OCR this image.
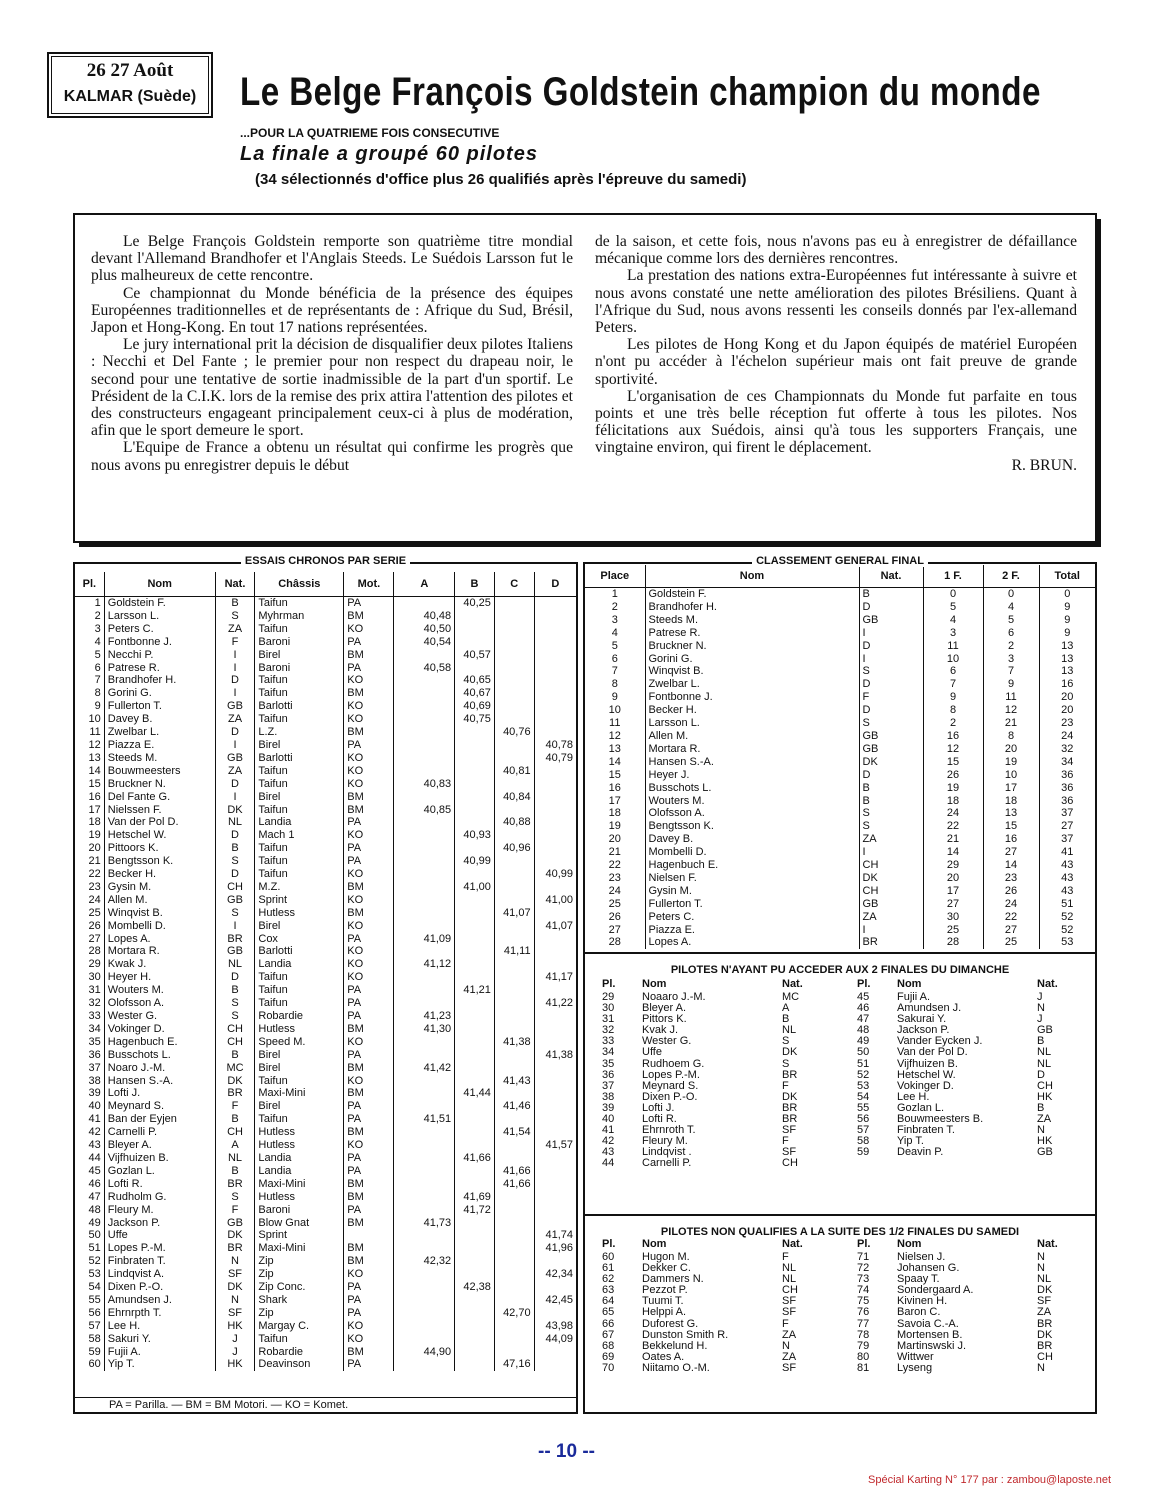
26 27 Août
KALMAR (Suède) Le Belge François Goldstein champion du monde
...POUR LA QUATRIEME FOIS CONSECUTIVE
La finale a groupé 60 pilotes
(34 sélectionnés d'office plus 26 qualifiés après l'épreuve du samedi)

Le Belge François Goldstein remporte son quatrième titre mondial devant l'Allemand Brandhofer et l'Anglais Steeds. Le Suédois Larsson fut le plus malheureux de cette rencontre.

Ce championnat du Monde bénéficia de la présence des équipes Européennes traditionnelles et de représentants de : Afrique du Sud, Brésil, Japon et Hong-Kong. En tout 17 nations représentées.

Le jury international prit la décision de disqualifier deux pilotes Italiens : Necchi et Del Fante ; le premier pour non respect du drapeau noir, le second pour une tentative de sortie inadmissible de la part d'un sportif. Le Président de la C.I.K. lors de la remise des prix attira l'attention des pilotes et des constructeurs engageant principalement ceux-ci à plus de modération, afin que le sport demeure le sport.

L'Equipe de France a obtenu un résultat qui confirme les progrès que nous avons pu enregistrer depuis le début

de la saison, et cette fois, nous n'avons pas eu à enregistrer de défaillance mécanique comme lors des dernières rencontres.

La prestation des nations extra-Européennes fut intéressante à suivre et nous avons constaté une nette amélioration des pilotes Brésiliens. Quant à l'Afrique du Sud, nous avons ressenti les conseils donnés par l'ex-allemand Peters.

Les pilotes de Hong Kong et du Japon équipés de matériel Européen n'ont pu accéder à l'échelon supérieur mais ont fait preuve de grande sportivité.

L'organisation de ces Championnats du Monde fut parfaite en tous points et une très belle réception fut offerte à tous les pilotes. Nos félicitations aux Suédois, ainsi qu'à tous les supporters Français, une vingtaine environ, qui firent le déplacement.

R. BRUN.

ESSAIS CHRONOS PAR SERIE
Pl.	Nom	Nat.	Châssis	Mot.	A	B	C	D
1	Goldstein F.	B	Taifun	PA		40,25		
2	Larsson L.	S	Myhrman	BM	40,48			
3	Peters C.	ZA	Taifun	KO	40,50			
4	Fontbonne J.	F	Baroni	PA	40,54			
5	Necchi P.	I	Birel	BM		40,57		
6	Patrese R.	I	Baroni	PA	40,58			
7	Brandhofer H.	D	Taifun	KO		40,65		
8	Gorini G.	I	Taifun	BM		40,67		
9	Fullerton T.	GB	Barlotti	KO		40,69		
10	Davey B.	ZA	Taifun	KO		40,75		
11	Zwelbar L.	D	L.Z.	BM			40,76	
12	Piazza E.	I	Birel	PA				40,78
13	Steeds M.	GB	Barlotti	KO				40,79
14	Bouwmeesters	ZA	Taifun	KO			40,81	
15	Bruckner N.	D	Taifun	KO	40,83			
16	Del Fante G.	I	Birel	BM			40,84	
17	Nielssen F.	DK	Taifun	BM	40,85			
18	Van der Pol D.	NL	Landia	PA			40,88	
19	Hetschel W.	D	Mach 1	KO		40,93		
20	Pittoors K.	B	Taifun	PA			40,96	
21	Bengtsson K.	S	Taifun	PA		40,99		
22	Becker H.	D	Taifun	KO				40,99
23	Gysin M.	CH	M.Z.	BM		41,00		
24	Allen M.	GB	Sprint	KO				41,00
25	Winqvist B.	S	Hutless	BM			41,07	
26	Mombelli D.	I	Birel	KO				41,07
27	Lopes A.	BR	Cox	PA	41,09			
28	Mortara R.	GB	Barlotti	KO			41,11	
29	Kwak J.	NL	Landia	KO	41,12			
30	Heyer H.	D	Taifun	KO				41,17
31	Wouters M.	B	Taifun	PA		41,21		
32	Olofsson A.	S	Taifun	PA				41,22
33	Wester G.	S	Robardie	PA	41,23			
34	Vokinger D.	CH	Hutless	BM	41,30			
35	Hagenbuch E.	CH	Speed M.	KO			41,38	
36	Busschots L.	B	Birel	PA				41,38
37	Noaro J.-M.	MC	Birel	BM	41,42			
38	Hansen S.-A.	DK	Taifun	KO			41,43	
39	Lofti J.	BR	Maxi-Mini	BM		41,44		
40	Meynard S.	F	Birel	PA			41,46	
41	Ban der Eyjen	B	Taifun	PA	41,51			
42	Carnelli P.	CH	Hutless	BM			41,54	
43	Bleyer A.	A	Hutless	KO				41,57
44	Vijfhuizen B.	NL	Landia	PA		41,66		
45	Gozlan L.	B	Landia	PA			41,66	
46	Lofti R.	BR	Maxi-Mini	BM			41,66	
47	Rudholm G.	S	Hutless	BM		41,69		
48	Fleury M.	F	Baroni	PA		41,72		
49	Jackson P.	GB	Blow Gnat	BM	41,73			
50	Uffe	DK	Sprint					41,74
51	Lopes P.-M.	BR	Maxi-Mini	BM				41,96
52	Finbraten T.	N	Zip	BM	42,32			
53	Lindqvist A.	SF	Zip	KO				42,34
54	Dixen P.-O.	DK	Zip Conc.	PA		42,38		
55	Amundsen J.	N	Shark	PA				42,45
56	Ehrnrpth T.	SF	Zip	PA			42,70	
57	Lee H.	HK	Margay C.	KO				43,98
58	Sakuri Y.	J	Taifun	KO				44,09
59	Fujii A.	J	Robardie	BM	44,90			
60	Yip T.	HK	Deavinson	PA			47,16	
PA = Parilla. — BM = BM Motori. — KO = Komet.
CLASSEMENT GENERAL FINAL
Place	Nom	Nat.	1 F.	2 F.	Total
1	Goldstein F.	B	0	0	0
2	Brandhofer H.	D	5	4	9
3	Steeds M.	GB	4	5	9
4	Patrese R.	I	3	6	9
5	Bruckner N.	D	11	2	13
6	Gorini G.	I	10	3	13
7	Winqvist B.	S	6	7	13
8	Zwelbar L.	D	7	9	16
9	Fontbonne J.	F	9	11	20
10	Becker H.	D	8	12	20
11	Larsson L.	S	2	21	23
12	Allen M.	GB	16	8	24
13	Mortara R.	GB	12	20	32
14	Hansen S.-A.	DK	15	19	34
15	Heyer J.	D	26	10	36
16	Busschots L.	B	19	17	36
17	Wouters M.	B	18	18	36
18	Olofsson A.	S	24	13	37
19	Bengtsson K.	S	22	15	27
20	Davey B.	ZA	21	16	37
21	Mombelli D.	I	14	27	41
22	Hagenbuch E.	CH	29	14	43
23	Nielsen F.	DK	20	23	43
24	Gysin M.	CH	17	26	43
25	Fullerton T.	GB	27	24	51
26	Peters C.	ZA	30	22	52
27	Piazza E.	I	25	27	52
28	Lopes A.	BR	28	25	53
PILOTES N'AYANT PU ACCEDER AUX 2 FINALES DU DIMANCHE
Pl.	Nom	Nat.	Pl.	Nom	Nat.
29	Noaaro J.-M.	MC	45	Fujii A.	J
30	Bleyer A.	A	46	Amundsen J.	N
31	Pittors K.	B	47	Sakurai Y.	J
32	Kvak J.	NL	48	Jackson P.	GB
33	Wester G.	S	49	Vander Eycken J.	B
34	Uffe	DK	50	Van der Pol D.	NL
35	Rudhoem G.	S	51	Vijfhuizen B.	NL
36	Lopes P.-M.	BR	52	Hetschel W.	D
37	Meynard S.	F	53	Vokinger D.	CH
38	Dixen P.-O.	DK	54	Lee H.	HK
39	Lofti J.	BR	55	Gozlan L.	B
40	Lofti R.	BR	56	Bouwmeesters B.	ZA
41	Ehrnroth T.	SF	57	Finbraten T.	N
42	Fleury M.	F	58	Yip T.	HK
43	Lindqvist .	SF	59	Deavin P.	GB
44	Carnelli P.	CH			
PILOTES NON QUALIFIES A LA SUITE DES 1/2 FINALES DU SAMEDI
Pl.	Nom	Nat.	Pl.	Nom	Nat.
60	Hugon M.	F	71	Nielsen J.	N
61	Dekker C.	NL	72	Johansen G.	N
62	Dammers N.	NL	73	Spaay T.	NL
63	Pezzot P.	CH	74	Sondergaard A.	DK
64	Tuumi T.	SF	75	Kivinen H.	SF
65	Helppi A.	SF	76	Baron C.	ZA
66	Duforest G.	F	77	Savoia C.-A.	BR
67	Dunston Smith R.	ZA	78	Mortensen B.	DK
68	Bekkelund H.	N	79	Martinswski J.	BR
69	Oates A.	ZA	80	Wittwer	CH
70	Niitamo O.-M.	SF	81	Lyseng	N
-- 10 --
Spécial Karting N° 177 par : zambou@laposte.net
